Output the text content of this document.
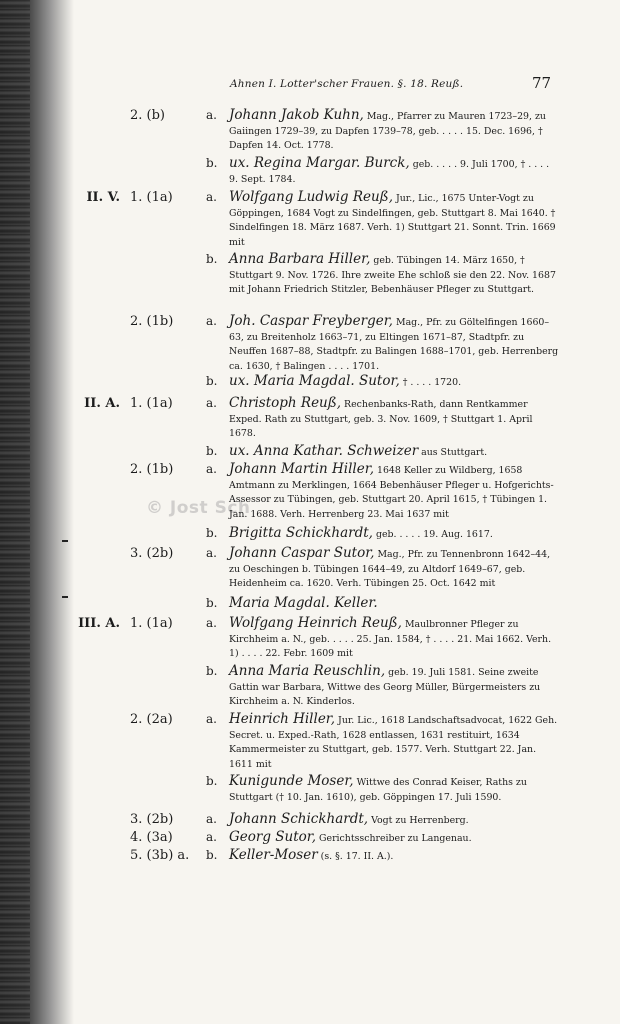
Ahnen I. Lotter'scher Frauen. §. 18. Reuß.	77
© Jost Sch
2. (b)	a. Johann Jakob Kuhn, Mag., Pfarrer zu Mauren 1723–29, zu Gaiingen 1729–39, zu Dapfen 1739–78, geb. . . . . 15. Dec. 1696, † Dapfen 14. Oct. 1778.
b. ux. Regina Margar. Burck, geb. . . . . 9. Juli 1700, † . . . . 9. Sept. 1784.
II. V. 1. (1a)	a. Wolfgang Ludwig Reuß, Jur., Lic., 1675 Unter-Vogt zu Göppingen, 1684 Vogt zu Sindelfingen, geb. Stuttgart 8. Mai 1640. † Sindelfingen 18. März 1687. Verh. 1) Stuttgart 21. Sonnt. Trin. 1669 mit
b. Anna Barbara Hiller, geb. Tübingen 14. März 1650, † Stuttgart 9. Nov. 1726. Ihre zweite Ehe schloß sie den 22. Nov. 1687 mit Johann Friedrich Stitzler, Bebenhäuser Pfleger zu Stuttgart.
2. (1b)	a. Joh. Caspar Freyberger, Mag., Pfr. zu Göltelfingen 1660–63, zu Breitenholz 1663–71, zu Eltingen 1671–87, Stadtpfr. zu Neuffen 1687–88, Stadtpfr. zu Balingen 1688–1701, geb. Herrenberg ca. 1630, † Balingen . . . . 1701.
b. ux. Maria Magdal. Sutor, † . . . . 1720.
II. A. 1. (1a)	a. Christoph Reuß, Rechenbanks-Rath, dann Rentkammer Exped. Rath zu Stuttgart, geb. 3. Nov. 1609, † Stuttgart 1. April 1678.
b. ux. Anna Kathar. Schweizer aus Stuttgart.
2. (1b)	a. Johann Martin Hiller, 1648 Keller zu Wildberg, 1658 Amtmann zu Merklingen, 1664 Bebenhäuser Pfleger u. Hofgerichts-Assessor zu Tübingen, geb. Stuttgart 20. April 1615, † Tübingen 1. Jan. 1688. Verh. Herrenberg 23. Mai 1637 mit
b. Brigitta Schickhardt, geb. . . . . 19. Aug. 1617.
3. (2b)	a. Johann Caspar Sutor, Mag., Pfr. zu Tennenbronn 1642–44, zu Oeschingen b. Tübingen 1644–49, zu Altdorf 1649–67, geb. Heidenheim ca. 1620. Verh. Tübingen 25. Oct. 1642 mit
b. Maria Magdal. Keller.
III. A. 1. (1a)	a. Wolfgang Heinrich Reuß, Maulbronner Pfleger zu Kirchheim a. N., geb. . . . . 25. Jan. 1584, † . . . . 21. Mai 1662. Verh. 1) . . . . 22. Febr. 1609 mit
b. Anna Maria Reuschlin, geb. 19. Juli 1581. Seine zweite Gattin war Barbara, Wittwe des Georg Müller, Bürgermeisters zu Kirchheim a. N. Kinderlos.
2. (2a)	a. Heinrich Hiller, Jur. Lic., 1618 Landschaftsadvocat, 1622 Geh. Secret. u. Exped.-Rath, 1628 entlassen, 1631 restituirt, 1634 Kammermeister zu Stuttgart, geb. 1577. Verh. Stuttgart 22. Jan. 1611 mit
b. Kunigunde Moser, Wittwe des Conrad Keiser, Raths zu Stuttgart († 10. Jan. 1610), geb. Göppingen 17. Juli 1590.
3. (2b)	a. Johann Schickhardt, Vogt zu Herrenberg.
4. (3a)	a. Georg Sutor, Gerichtsschreiber zu Langenau.
5. (3b) a.	b. Keller-Moser (s. §. 17. II. A.).
